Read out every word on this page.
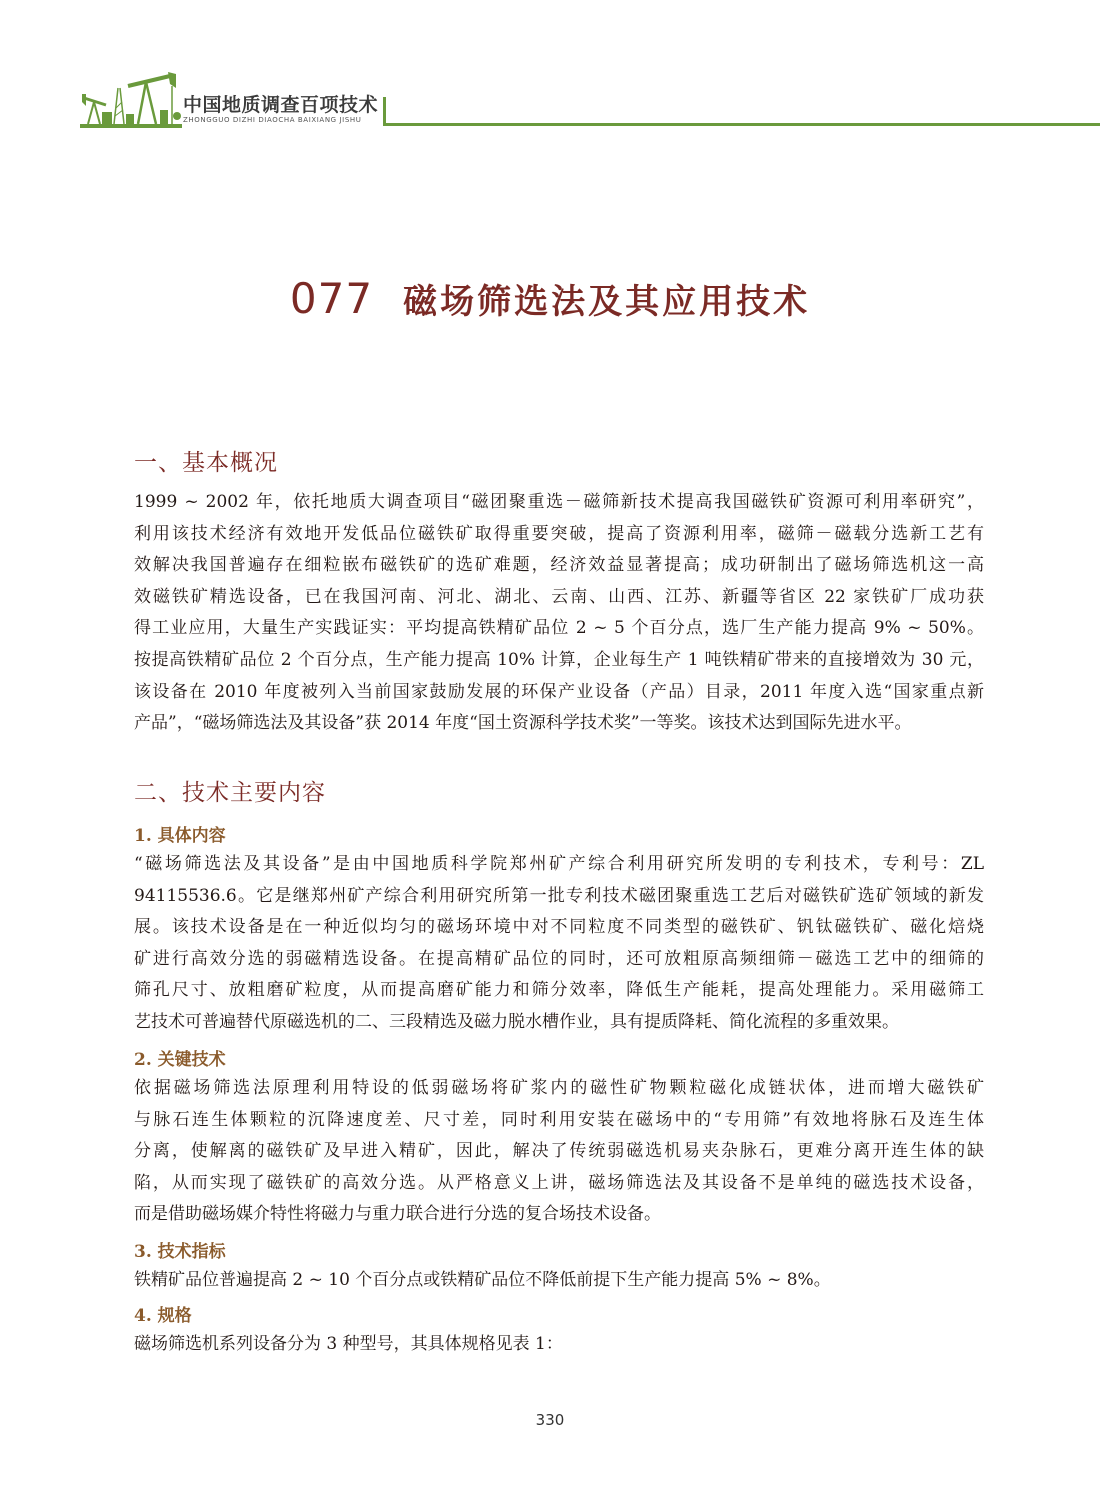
中国地质调查百项技术
ZHONGGUO DIZHI DIAOCHA BAIXIANG JISHU
077 磁场筛选法及其应用技术
一、基本概况
1999 ~ 2002 年，依托地质大调查项目“磁团聚重选－磁筛新技术提高我国磁铁矿资源可利用率研究”，
利用该技术经济有效地开发低品位磁铁矿取得重要突破，提高了资源利用率，磁筛－磁载分选新工艺有
效解决我国普遍存在细粒嵌布磁铁矿的选矿难题，经济效益显著提高；成功研制出了磁场筛选机这一高
效磁铁矿精选设备，已在我国河南、河北、湖北、云南、山西、江苏、新疆等省区 22 家铁矿厂成功获
得工业应用，大量生产实践证实：平均提高铁精矿品位 2 ~ 5 个百分点，选厂生产能力提高 9% ~ 50%。
按提高铁精矿品位 2 个百分点，生产能力提高 10% 计算，企业每生产 1 吨铁精矿带来的直接增效为 30 元，
该设备在 2010 年度被列入当前国家鼓励发展的环保产业设备（产品）目录，2011 年度入选“国家重点新
产品”，“磁场筛选法及其设备”获 2014 年度“国土资源科学技术奖”一等奖。该技术达到国际先进水平。
二、技术主要内容
1. 具体内容
“磁场筛选法及其设备”是由中国地质科学院郑州矿产综合利用研究所发明的专利技术，专利号：ZL
94115536.6。它是继郑州矿产综合利用研究所第一批专利技术磁团聚重选工艺后对磁铁矿选矿领域的新发
展。该技术设备是在一种近似均匀的磁场环境中对不同粒度不同类型的磁铁矿、钒钛磁铁矿、磁化焙烧
矿进行高效分选的弱磁精选设备。在提高精矿品位的同时，还可放粗原高频细筛－磁选工艺中的细筛的
筛孔尺寸、放粗磨矿粒度，从而提高磨矿能力和筛分效率，降低生产能耗，提高处理能力。采用磁筛工
艺技术可普遍替代原磁选机的二、三段精选及磁力脱水槽作业，具有提质降耗、简化流程的多重效果。
2. 关键技术
依据磁场筛选法原理利用特设的低弱磁场将矿浆内的磁性矿物颗粒磁化成链状体，进而增大磁铁矿
与脉石连生体颗粒的沉降速度差、尺寸差，同时利用安装在磁场中的“专用筛”有效地将脉石及连生体
分离，使解离的磁铁矿及早进入精矿，因此，解决了传统弱磁选机易夹杂脉石，更难分离开连生体的缺
陷，从而实现了磁铁矿的高效分选。从严格意义上讲，磁场筛选法及其设备不是单纯的磁选技术设备，
而是借助磁场媒介特性将磁力与重力联合进行分选的复合场技术设备。
3. 技术指标
铁精矿品位普遍提高 2 ~ 10 个百分点或铁精矿品位不降低前提下生产能力提高 5% ~ 8%。
4. 规格
磁场筛选机系列设备分为 3 种型号，其具体规格见表 1：
330
